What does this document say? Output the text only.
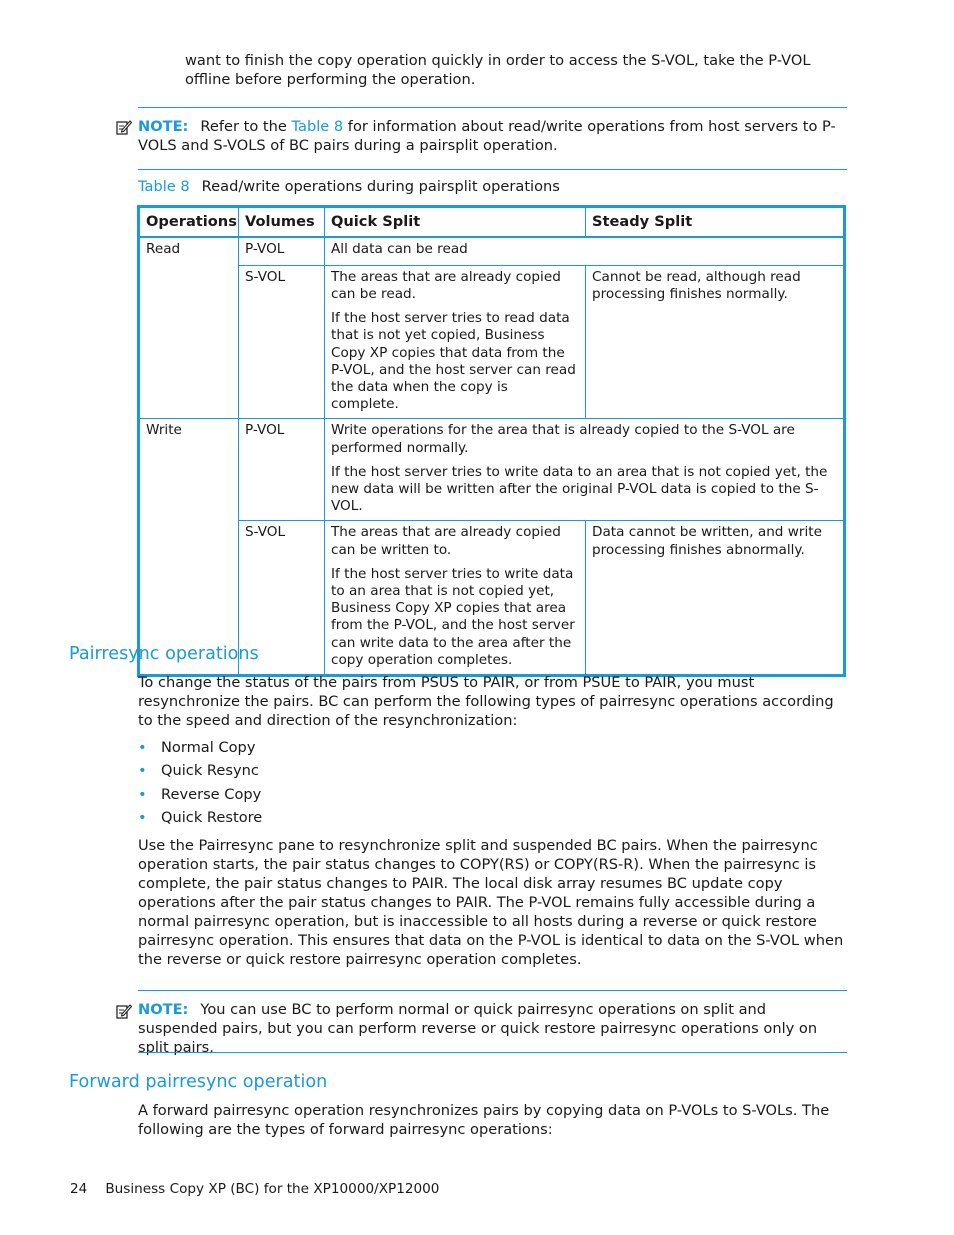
want to finish the copy operation quickly in order to access the S-VOL, take the P-VOL offline before performing the operation.

NOTE: Refer to the Table 8 for information about read/write operations from host servers to P-VOLS and S-VOLS of BC pairs during a pairsplit operation.

Table 8 Read/write operations during pairsplit operations
Operations	Volumes	Quick Split	Steady Split
Read	P-VOL	All data can be read	
	S-VOL	The areas that are already copied can be read.

If the host server tries to read data that is not yet copied, Business Copy XP copies that data from the P-VOL, and the host server can read the data when the copy is complete.	Cannot be read, although read processing finishes normally.
Write	P-VOL	Write operations for the area that is already copied to the S-VOL are performed normally.

If the host server tries to write data to an area that is not copied yet, the new data will be written after the original P-VOL data is copied to the S-VOL.	

	S-VOL	The areas that are already copied can be written to.

If the host server tries to write data to an area that is not copied yet, Business Copy XP copies that area from the P-VOL, and the host server can write data to the area after the copy operation completes.	Data cannot be written, and write processing finishes abnormally.
Pairresync operations

To change the status of the pairs from PSUS to PAIR, or from PSUE to PAIR, you must resynchronize the pairs. BC can perform the following types of pairresync operations according to the speed and direction of the resynchronization:

• Normal Copy
• Quick Resync
• Reverse Copy
• Quick Restore

Use the Pairresync pane to resynchronize split and suspended BC pairs. When the pairresync operation starts, the pair status changes to COPY(RS) or COPY(RS-R). When the pairresync is complete, the pair status changes to PAIR. The local disk array resumes BC update copy operations after the pair status changes to PAIR. The P-VOL remains fully accessible during a normal pairresync operation, but is inaccessible to all hosts during a reverse or quick restore pairresync operation. This ensures that data on the P-VOL is identical to data on the S-VOL when the reverse or quick restore pairresync operation completes.

NOTE: You can use BC to perform normal or quick pairresync operations on split and suspended pairs, but you can perform reverse or quick restore pairresync operations only on split pairs.

Forward pairresync operation

A forward pairresync operation resynchronizes pairs by copying data on P-VOLs to S-VOLs. The following are the types of forward pairresync operations:

24 Business Copy XP (BC) for the XP10000/XP12000
